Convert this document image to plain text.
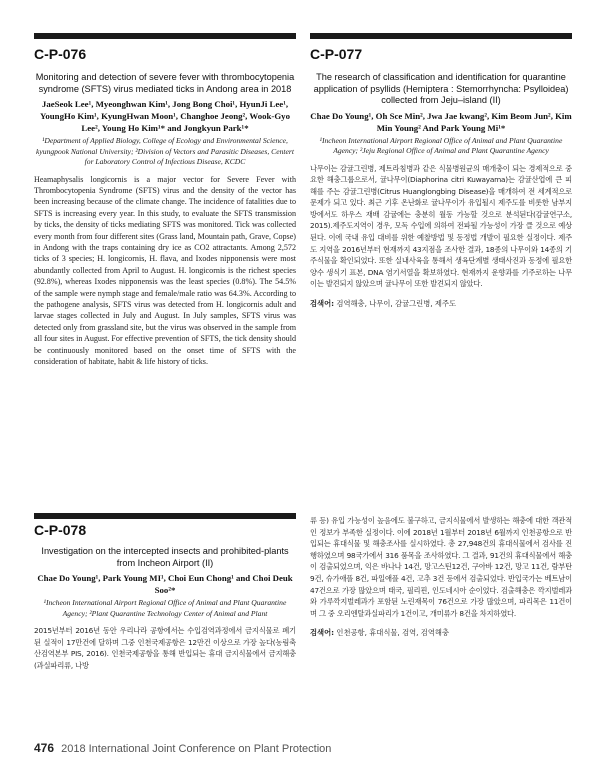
C-P-076
Monitoring and detection of severe fever with thrombocytopenia syndrome (SFTS) virus mediated ticks in Andong area in 2018
JaeSeok Lee¹, Myeonghwan Kim¹, Jong Bong Choi¹, HyunJi Lee¹, YoungHo Kim¹, KyungHwan Moon¹, Changhoe Jeong², Wook-Gyo Lee², Young Ho Kim¹* and Jongkyun Park¹*
¹Department of Applied Biology, College of Ecology and Environmental Science, kyungpook National University; ²Division of Vectors and Parasitic Diseases, Centert for Laboratory Control of Infectious Disease, KCDC
Heamaphysalis longicornis is a major vector for Severe Fever with Thrombocytopenia Syndrome (SFTS) virus and the density of the vector has been increasing because of the climate change. The incidence of fatalities due to SFTS is increasing every year. In this study, to evaluate the SFTS transmission by ticks, the density of ticks mediating SFTS was monitored. Tick was collected every month from four different sites (Grass land, Mountain path, Grave, Copse) in Andong with the traps containing dry ice as CO2 attractants. Among 2,572 ticks of 3 species; H. longicornis, H. flava, and Ixodes nipponensis were most abundantly collected from April to August. H. longicornis is the richest species (92.8%), whereas Ixodes nipponensis was the least species (0.8%). The 54.5% of the sample were nymph stage and female/male ratio was 64.3%. According to the pathogene analysis, SFTS virus was detected from H. longicornis adult and larvae stages collected in July and August. In July samples, SFTS virus was detected only from grassland site, but the virus was observed in the sample from all four sites in August. For effective prevention of SFTS, the tick density should be continuously monitored based on the onset time of SFTS with the consideration of habitate, habit & life history of ticks.
C-P-077
The research of classification and identification for quarantine application of psyllids (Hemiptera : Stemorrhyncha: Psylloidea) collected from Jeju–island (II)
Chae Do Young¹, Oh Sce Min², Jwa Jae kwang², Kim Beom Jun², Kim Min Young² And Park Young Mi¹*
¹Incheon International Airport Regional Office of Animal and Plant Quarantine Agency; ²Jeju Regional Office of Animal and Plant Quarantine Agency
나무이는 감귤그린병, 제트라침병과 같은 식물병원균의 매개충이 되는 경제적으로 중요한 해충그룹으로서, 귤나무이(Diaphorina citri Kuwayama)는 감귤산업에 큰 피해를 주는 감귤그린병(Citrus Huanglongbing Disease)을 매개하여 전 세계적으로 문제가 되고 있다. 최근 기후 온난화로 귤나무이가 유입될시 제주도를 비롯한 남부지방에서도 하우스 재배 감귤에는 충분히 월동 가능할 것으로 분석된다(감귤연구소, 2015).제주도지역이 경우, 모독 수입에 의하여 전파될 가능성이 가장 클 것으로 예상된다. 이에 국내 유입 대비를 위한 예찰방법 및 동정법 개발이 필요한 실정이다. 제주도 지역을 2016년부터 현재까지 43지점을 조사한 결과, 18종의 나무이와 14종의 기주식물을 확인되었다. 또한 실내사육을 통해서 생육단계별 생태사진과 동정에 필요한 양수 생식기 표본, DNA 염기서열을 확보하였다. 현재까지 운향과를 기주로하는 나무이는 발견되지 않았으며 귤나무이 또한 발견되지 않았다.
검색어: 검역해충, 나무이, 감귤그린병, 제주도
C-P-078
Investigation on the intercepted insects and prohibited-plants from Incheon Airport (II)
Chae Do Young¹, Park Young MI¹, Choi Eun Chong¹ and Choi Deuk Soo²*
¹Incheon International Airport Regional Office of Animal and Plant Quarantine Agency; ²Plant Quarantine Technology Center of Animal and Plant
2015년부터 2016년 동안 우리나라 공항에서는 수입검역과정에서 금지식물로 폐기된 실적이 17만건에 달하며 그중 인천국제공항은 12만건 이상으로 가장 높다(농림축산검역본부 PIS, 2016). 인천국제공항을 통해 반입되는 휴대 금지식물에서 금지해충(과실파리류, 나방
류 등) 유입 가능성이 높음에도 불구하고, 금지식물에서 발생하는 해충에 대한 객관적인 정보가 부족한 실정이다. 이에 2018년 1월부터 2018년 6월까지 인천공항으로 반입되는 휴대식물 및 해충조사를 실시하였다. 총 27,948건의 휴대식물에서 검사를 진행하였으며 98국가에서 316 품목을 조사하였다. 그 결과, 91건의 휴대식물에서 해충이 검출되었으며, 익은 바나나 14건, 망고스틴12건, 구아바 12건, 망고 11건, 람부탄 9건, 슈가애플 8건, 파일애플 4건, 고추 3건 등에서 검출되었다. 반입국가는 베트남이 47건으로 가장 많았으며 태국, 필리핀, 인도네시아 순이었다. 검출해충은 깍지벌레과와 가루깍지벌레과가 포함된 노린재목이 76건으로 가장 많았으며, 파리목은 11건이며 그 중 오리엔탈과실파리가 1건이고, 개미류가 8건을 차지하였다.
검색어: 인천공항, 휴대식물, 검역, 검역해충
476 2018 International Joint Conference on Plant Protection
